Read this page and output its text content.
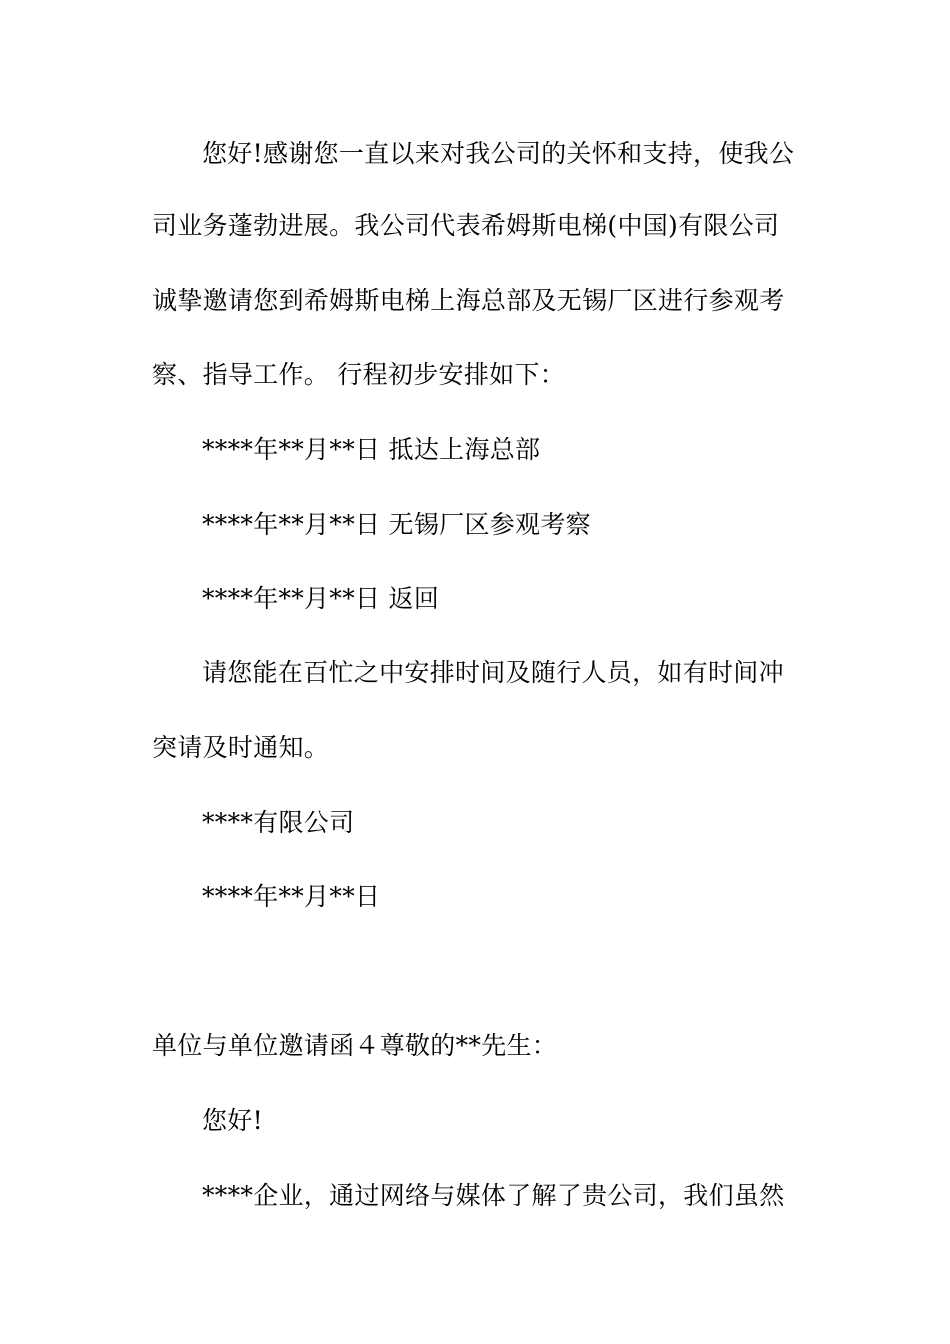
您好!感谢您一直以来对我公司的关怀和支持，使我公
司业务蓬勃进展。我公司代表希姆斯电梯(中国)有限公司
诚挚邀请您到希姆斯电梯上海总部及无锡厂区进行参观考
察、指导工作。 行程初步安排如下：
****年**月**日 抵达上海总部
****年**月**日 无锡厂区参观考察
****年**月**日 返回
请您能在百忙之中安排时间及随行人员，如有时间冲
突请及时通知。
****有限公司
****年**月**日
单位与单位邀请函４尊敬的**先生：
您好!
****企业，通过网络与媒体了解了贵公司，我们虽然
